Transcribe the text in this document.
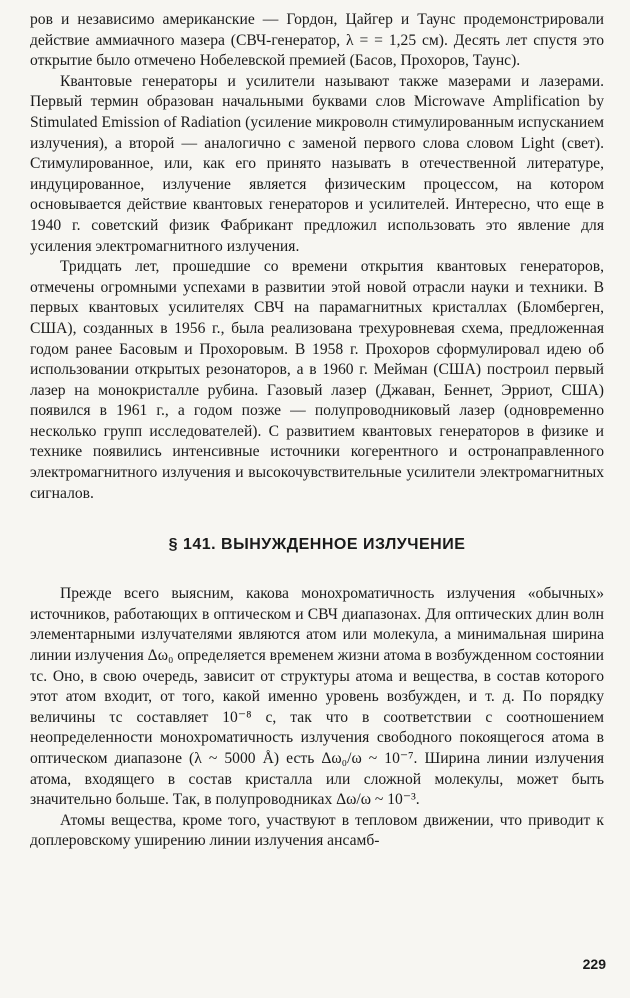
ров и независимо американские — Гордон, Цайгер и Таунс продемонстрировали действие аммиачного мазера (СВЧ-генератор, λ = = 1,25 см). Десять лет спустя это открытие было отмечено Нобелевской премией (Басов, Прохоров, Таунс).

Квантовые генераторы и усилители называют также мазерами и лазерами. Первый термин образован начальными буквами слов Microwave Amplification by Stimulated Emission of Radiation (усиление микроволн стимулированным испусканием излучения), а второй — аналогично с заменой первого слова словом Light (свет). Стимулированное, или, как его принято называть в отечественной литературе, индуцированное, излучение является физическим процессом, на котором основывается действие квантовых генераторов и усилителей. Интересно, что еще в 1940 г. советский физик Фабрикант предложил использовать это явление для усиления электромагнитного излучения.

Тридцать лет, прошедшие со времени открытия квантовых генераторов, отмечены огромными успехами в развитии этой новой отрасли науки и техники. В первых квантовых усилителях СВЧ на парамагнитных кристаллах (Бломберген, США), созданных в 1956 г., была реализована трехуровневая схема, предложенная годом ранее Басовым и Прохоровым. В 1958 г. Прохоров сформулировал идею об использовании открытых резонаторов, а в 1960 г. Мейман (США) построил первый лазер на монокристалле рубина. Газовый лазер (Джаван, Беннет, Эрриот, США) появился в 1961 г., а годом позже — полупроводниковый лазер (одновременно несколько групп исследователей). С развитием квантовых генераторов в физике и технике появились интенсивные источники когерентного и остронаправленного электромагнитного излучения и высокочувствительные усилители электромагнитных сигналов.

§ 141. ВЫНУЖДЕННОЕ ИЗЛУЧЕНИЕ

Прежде всего выясним, какова монохроматичность излучения «обычных» источников, работающих в оптическом и СВЧ диапазонах. Для оптических длин волн элементарными излучателями являются атом или молекула, а минимальная ширина линии излучения Δω₀ определяется временем жизни атома в возбужденном состоянии τc. Оно, в свою очередь, зависит от структуры атома и вещества, в состав которого этот атом входит, от того, какой именно уровень возбужден, и т. д. По порядку величины τc составляет 10⁻⁸ с, так что в соответствии с соотношением неопределенности монохроматичность излучения свободного покоящегося атома в оптическом диапазоне (λ ~ 5000 Å) есть Δω₀/ω ~ 10⁻⁷. Ширина линии излучения атома, входящего в состав кристалла или сложной молекулы, может быть значительно больше. Так, в полупроводниках Δω/ω ~ 10⁻³.

Атомы вещества, кроме того, участвуют в тепловом движении, что приводит к доплеровскому уширению линии излучения ансамб-

229
